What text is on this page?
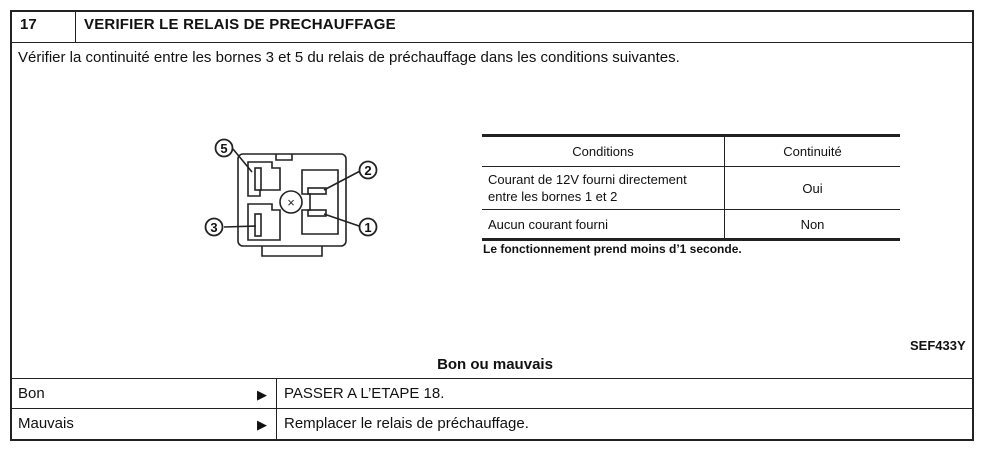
17	VERIFIER LE RELAIS DE PRECHAUFFAGE
Vérifier la continuité entre les bornes 3 et 5 du relais de préchauffage dans les conditions suivantes.
×
5
2
3	1
Conditions	Continuité
Courant de 12V fourni directement
entre les bornes 1 et 2	Oui
Aucun courant fourni	Non
Le fonctionnement prend moins d’1 seconde.
SEF433Y
Bon ou mauvais
Bon	▶ PASSER A L’ETAPE 18.
Mauvais	▶ Remplacer le relais de préchauffage.
